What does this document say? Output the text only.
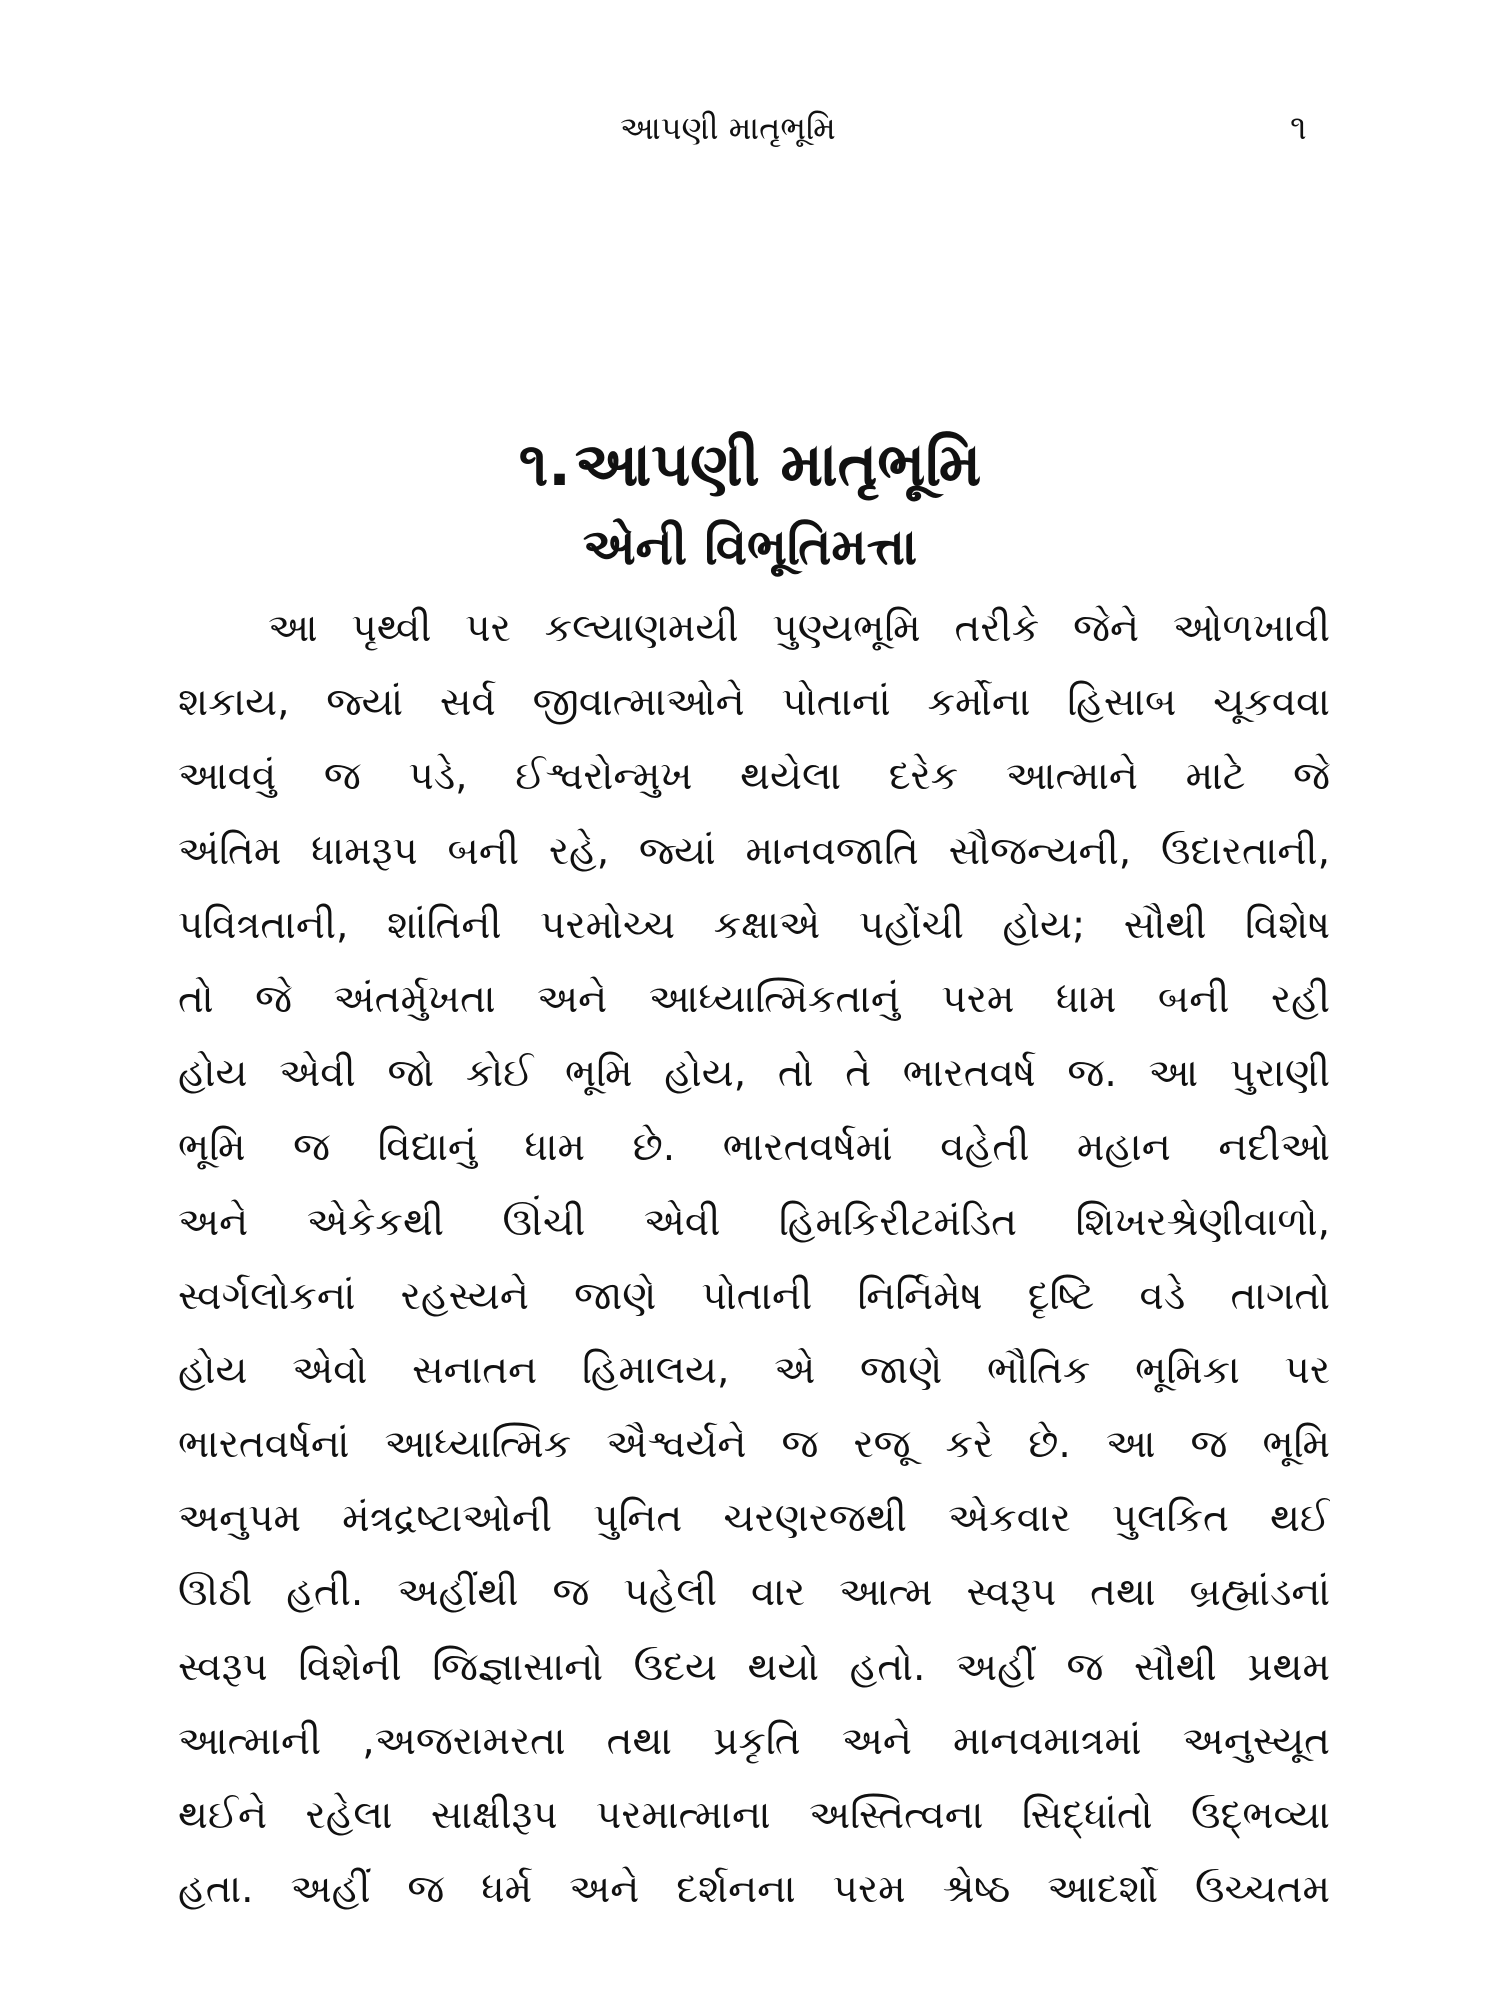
આપણી માતૃભૂમિ	૧
૧.આપણી માતૃભૂમિ
એની વિભૂતિમત્તા
આ પૃથ્વી પર કલ્યાણમયી પુણ્યભૂમિ તરીકે જેને ઓળખાવી
શકાય, જ્યાં સર્વ જીવાત્માઓને પોતાનાં કર્મોના હિસાબ ચૂકવવા
આવવું જ પડે, ઈશ્વરોન્મુખ થયેલા દરેક આત્માને માટે જે
અંતિમ ધામરૂપ બની રહે, જ્યાં માનવજાતિ સૌજન્યની, ઉદારતાની,
પવિત્રતાની, શાંતિની પરમોચ્ચ કક્ષાએ પહોંચી હોય; સૌથી વિશેષ
તો જે અંતર્મુખતા અને આધ્યાત્મિકતાનું પરમ ધામ બની રહી
હોય એવી જો કોઈ ભૂમિ હોય, તો તે ભારતવર્ષ જ. આ પુરાણી
ભૂમિ જ વિદ્યાનું ધામ છે. ભારતવર્ષમાં વહેતી મહાન નદીઓ
અને એકેકથી ઊંચી એવી હિમકિરીટમંડિત શિખરશ્રેણીવાળો,
સ્વર્ગલોકનાં રહસ્યને જાણે પોતાની નિર્નિમેષ દૃષ્ટિ વડે તાગતો
હોય એવો સનાતન હિમાલય, એ જાણે ભૌતિક ભૂમિકા પર
ભારતવર્ષનાં આધ્યાત્મિક ઐશ્વર્યને જ રજૂ કરે છે. આ જ ભૂમિ
અનુપમ મંત્રદ્રષ્ટાઓની પુનિત ચરણરજથી એકવાર પુલકિત થઈ
ઊઠી હતી. અહીંથી જ પહેલી વાર આત્મ સ્વરૂપ તથા બ્રહ્માંડનાં
સ્વરૂપ વિશેની જિજ્ઞાસાનો ઉદય થયો હતો. અહીં જ સૌથી પ્રથમ
આત્માની ,અજરામરતા તથા પ્રકૃતિ અને માનવમાત્રમાં અનુસ્યૂત
થઈને રહેલા સાક્ષીરૂપ પરમાત્માના અસ્તિત્વના સિદ્ધાંતો ઉદ્‌ભવ્યા
હતા. અહીં જ ધર્મ અને દર્શનના પરમ શ્રેષ્ઠ આદર્શો ઉચ્ચતમ
